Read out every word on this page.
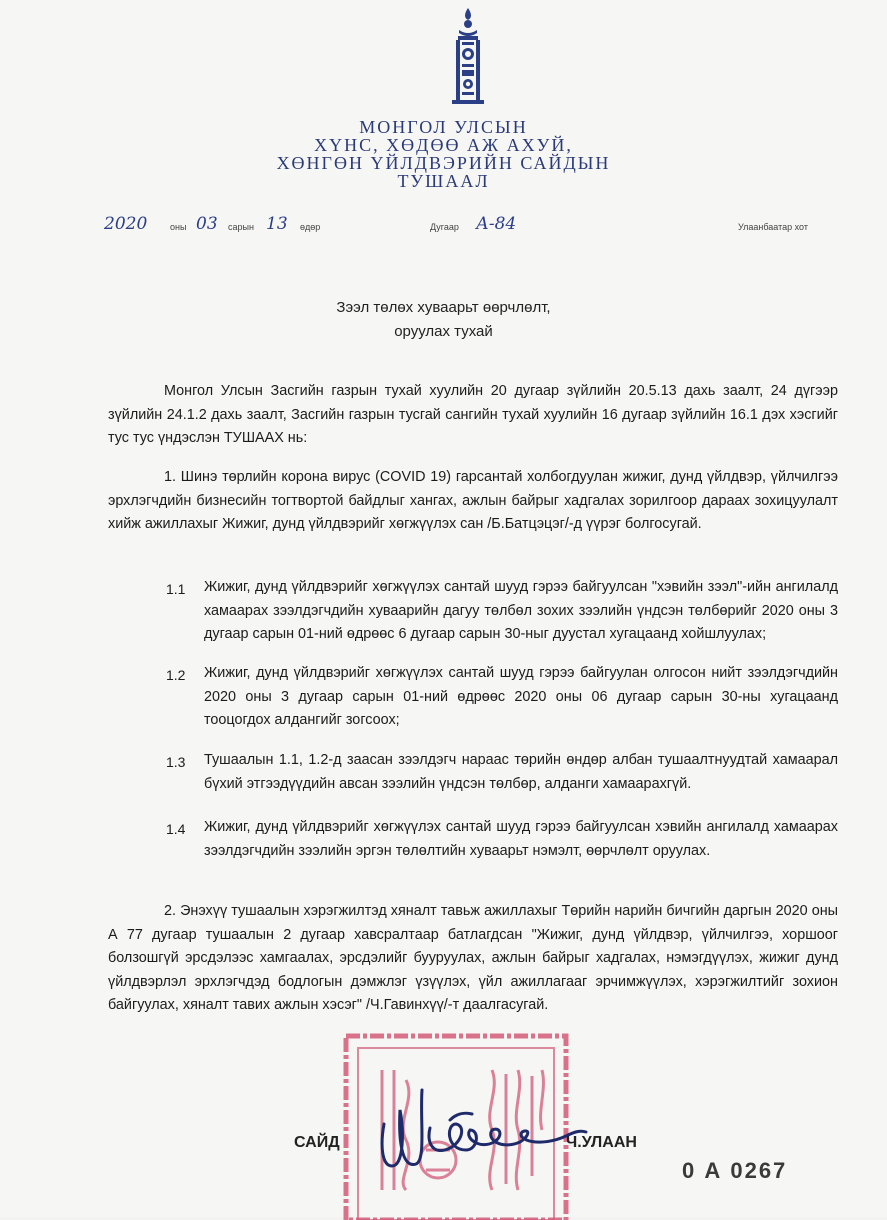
МОНГОЛ УЛСЫН
ХҮНС, ХӨДӨӨ АЖ АХУЙ,
ХӨНГӨН ҮЙЛДВЭРИЙН САЙДЫН
ТУШААЛ
2020	оны 03 сарын 13 өдөр	Дугаар А-84	Улаанбаатар хот
Зээл төлөх хуваарьт өөрчлөлт,
оруулах тухай
Монгол Улсын Засгийн газрын тухай хуулийн 20 дугаар зүйлийн 20.5.13 дахь заалт, 24 дүгээр зүйлийн 24.1.2 дахь заалт, Засгийн газрын тусгай сангийн тухай хуулийн 16 дугаар зүйлийн 16.1 дэх хэсгийг тус тус үндэслэн ТУШААХ нь:
1. Шинэ төрлийн корона вирус (COVID 19) гарсантай холбогдуулан жижиг, дунд үйлдвэр, үйлчилгээ эрхлэгчдийн бизнесийн тогтвортой байдлыг хангах, ажлын байрыг хадгалах зорилгоор дараах зохицуулалт хийж ажиллахыг Жижиг, дунд үйлдвэрийг хөгжүүлэх сан /Б.Батцэцэг/-д үүрэг болгосугай.
1.1 Жижиг, дунд үйлдвэрийг хөгжүүлэх сантай шууд гэрээ байгуулсан "хэвийн зээл"-ийн ангилалд хамаарах зээлдэгчдийн хуваарийн дагуу төлбөл зохих зээлийн үндсэн төлбөрийг 2020 оны 3 дугаар сарын 01-ний өдрөөс 6 дугаар сарын 30-ныг дуустал хугацаанд хойшлуулах;
1.2 Жижиг, дунд үйлдвэрийг хөгжүүлэх сантай шууд гэрээ байгуулан олгосон нийт зээлдэгчдийн 2020 оны 3 дугаар сарын 01-ний өдрөөс 2020 оны 06 дугаар сарын 30-ны хугацаанд тооцогдох алдангийг зогсоох;
1.3 Тушаалын 1.1, 1.2-д заасан зээлдэгч нараас төрийн өндөр албан тушаалтнуудтай хамаарал бүхий этгээдүүдийн авсан зээлийн үндсэн төлбөр, алданги хамаарахгүй.
1.4 Жижиг, дунд үйлдвэрийг хөгжүүлэх сантай шууд гэрээ байгуулсан хэвийн ангилалд хамаарах зээлдэгчдийн зээлийн эргэн төлөлтийн хуваарьт нэмэлт, өөрчлөлт оруулах.
2. Энэхүү тушаалын хэрэгжилтэд хяналт тавьж ажиллахыг Төрийн нарийн бичгийн даргын 2020 оны А 77 дугаар тушаалын 2 дугаар хавсралтаар батлагдсан "Жижиг, дунд үйлдвэр, үйлчилгээ, хоршоог болзошгүй эрсдэлээс хамгаалах, эрсдэлийг бууруулах, ажлын байрыг хадгалах, нэмэгдүүлэх, жижиг дунд үйлдвэрлэл эрхлэгчдэд бодлогын дэмжлэг үзүүлэх, үйл ажиллагааг эрчимжүүлэх, хэрэгжилтийг зохион байгуулах, хяналт тавих ажлын хэсэг" /Ч.Гавинхүү/-т даалгасугай.
САЙД	Ч.УЛААН
0 А 0267
